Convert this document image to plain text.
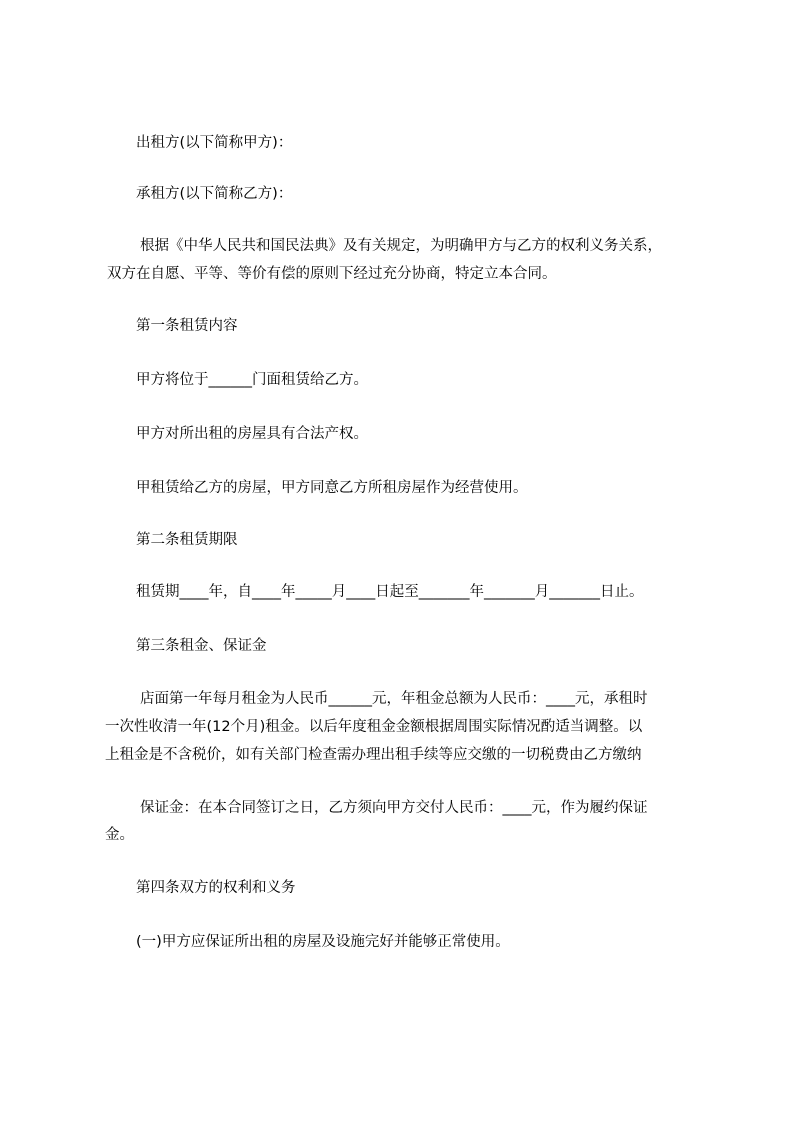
出租方(以下简称甲方)：
承租方(以下简称乙方)：
根据《中华人民共和国民法典》及有关规定，为明确甲方与乙方的权利义务关系，
双方在自愿、平等、等价有偿的原则下经过充分协商，特定立本合同。
第一条租赁内容
甲方将位于______门面租赁给乙方。
甲方对所出租的房屋具有合法产权。
甲租赁给乙方的房屋，甲方同意乙方所租房屋作为经营使用。
第二条租赁期限
租赁期____年，自____年_____月____日起至_______年_______月_______日止。
第三条租金、保证金
店面第一年每月租金为人民币______元，年租金总额为人民币：____元，承租时
一次性收清一年(12个月)租金。以后年度租金金额根据周围实际情况酌适当调整。以
上租金是不含税价，如有关部门检查需办理出租手续等应交缴的一切税费由乙方缴纳
保证金：在本合同签订之日，乙方须向甲方交付人民币：____元，作为履约保证
金。
第四条双方的权利和义务
(一)甲方应保证所出租的房屋及设施完好并能够正常使用。
